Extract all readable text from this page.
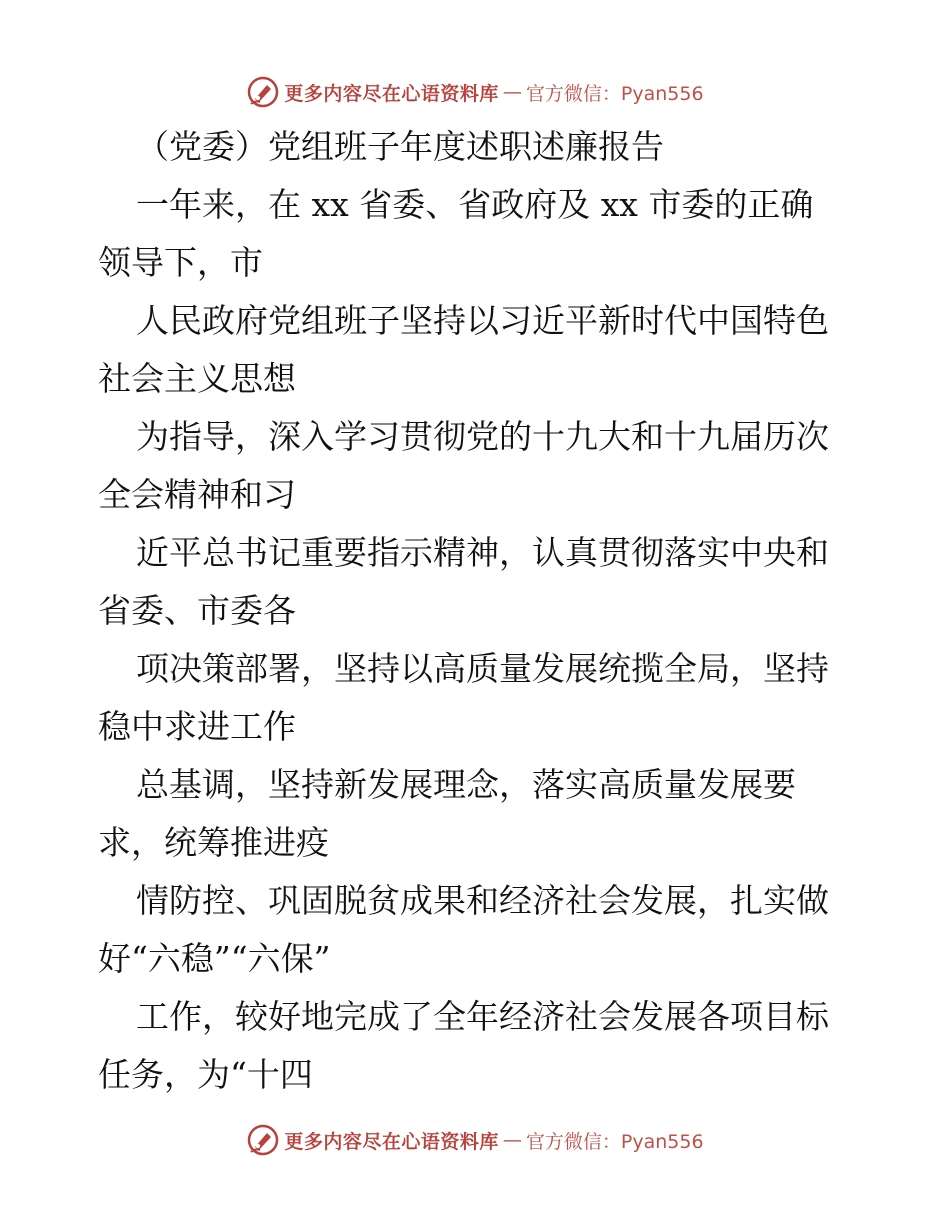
更多内容尽在心语资料库 — 官方微信：Pyan556

（党委）党组班子年度述职述廉报告

一年来，在 xx 省委、省政府及 xx 市委的正确
领导下，市

人民政府党组班子坚持以习近平新时代中国特色
社会主义思想

为指导，深入学习贯彻党的十九大和十九届历次
全会精神和习

近平总书记重要指示精神，认真贯彻落实中央和
省委、市委各

项决策部署，坚持以高质量发展统揽全局，坚持
稳中求进工作

总基调，坚持新发展理念，落实高质量发展要
求，统筹推进疫

情防控、巩固脱贫成果和经济社会发展，扎实做
好“六稳”“六保”

工作，较好地完成了全年经济社会发展各项目标
任务，为“十四

更多内容尽在心语资料库 — 官方微信：Pyan556
